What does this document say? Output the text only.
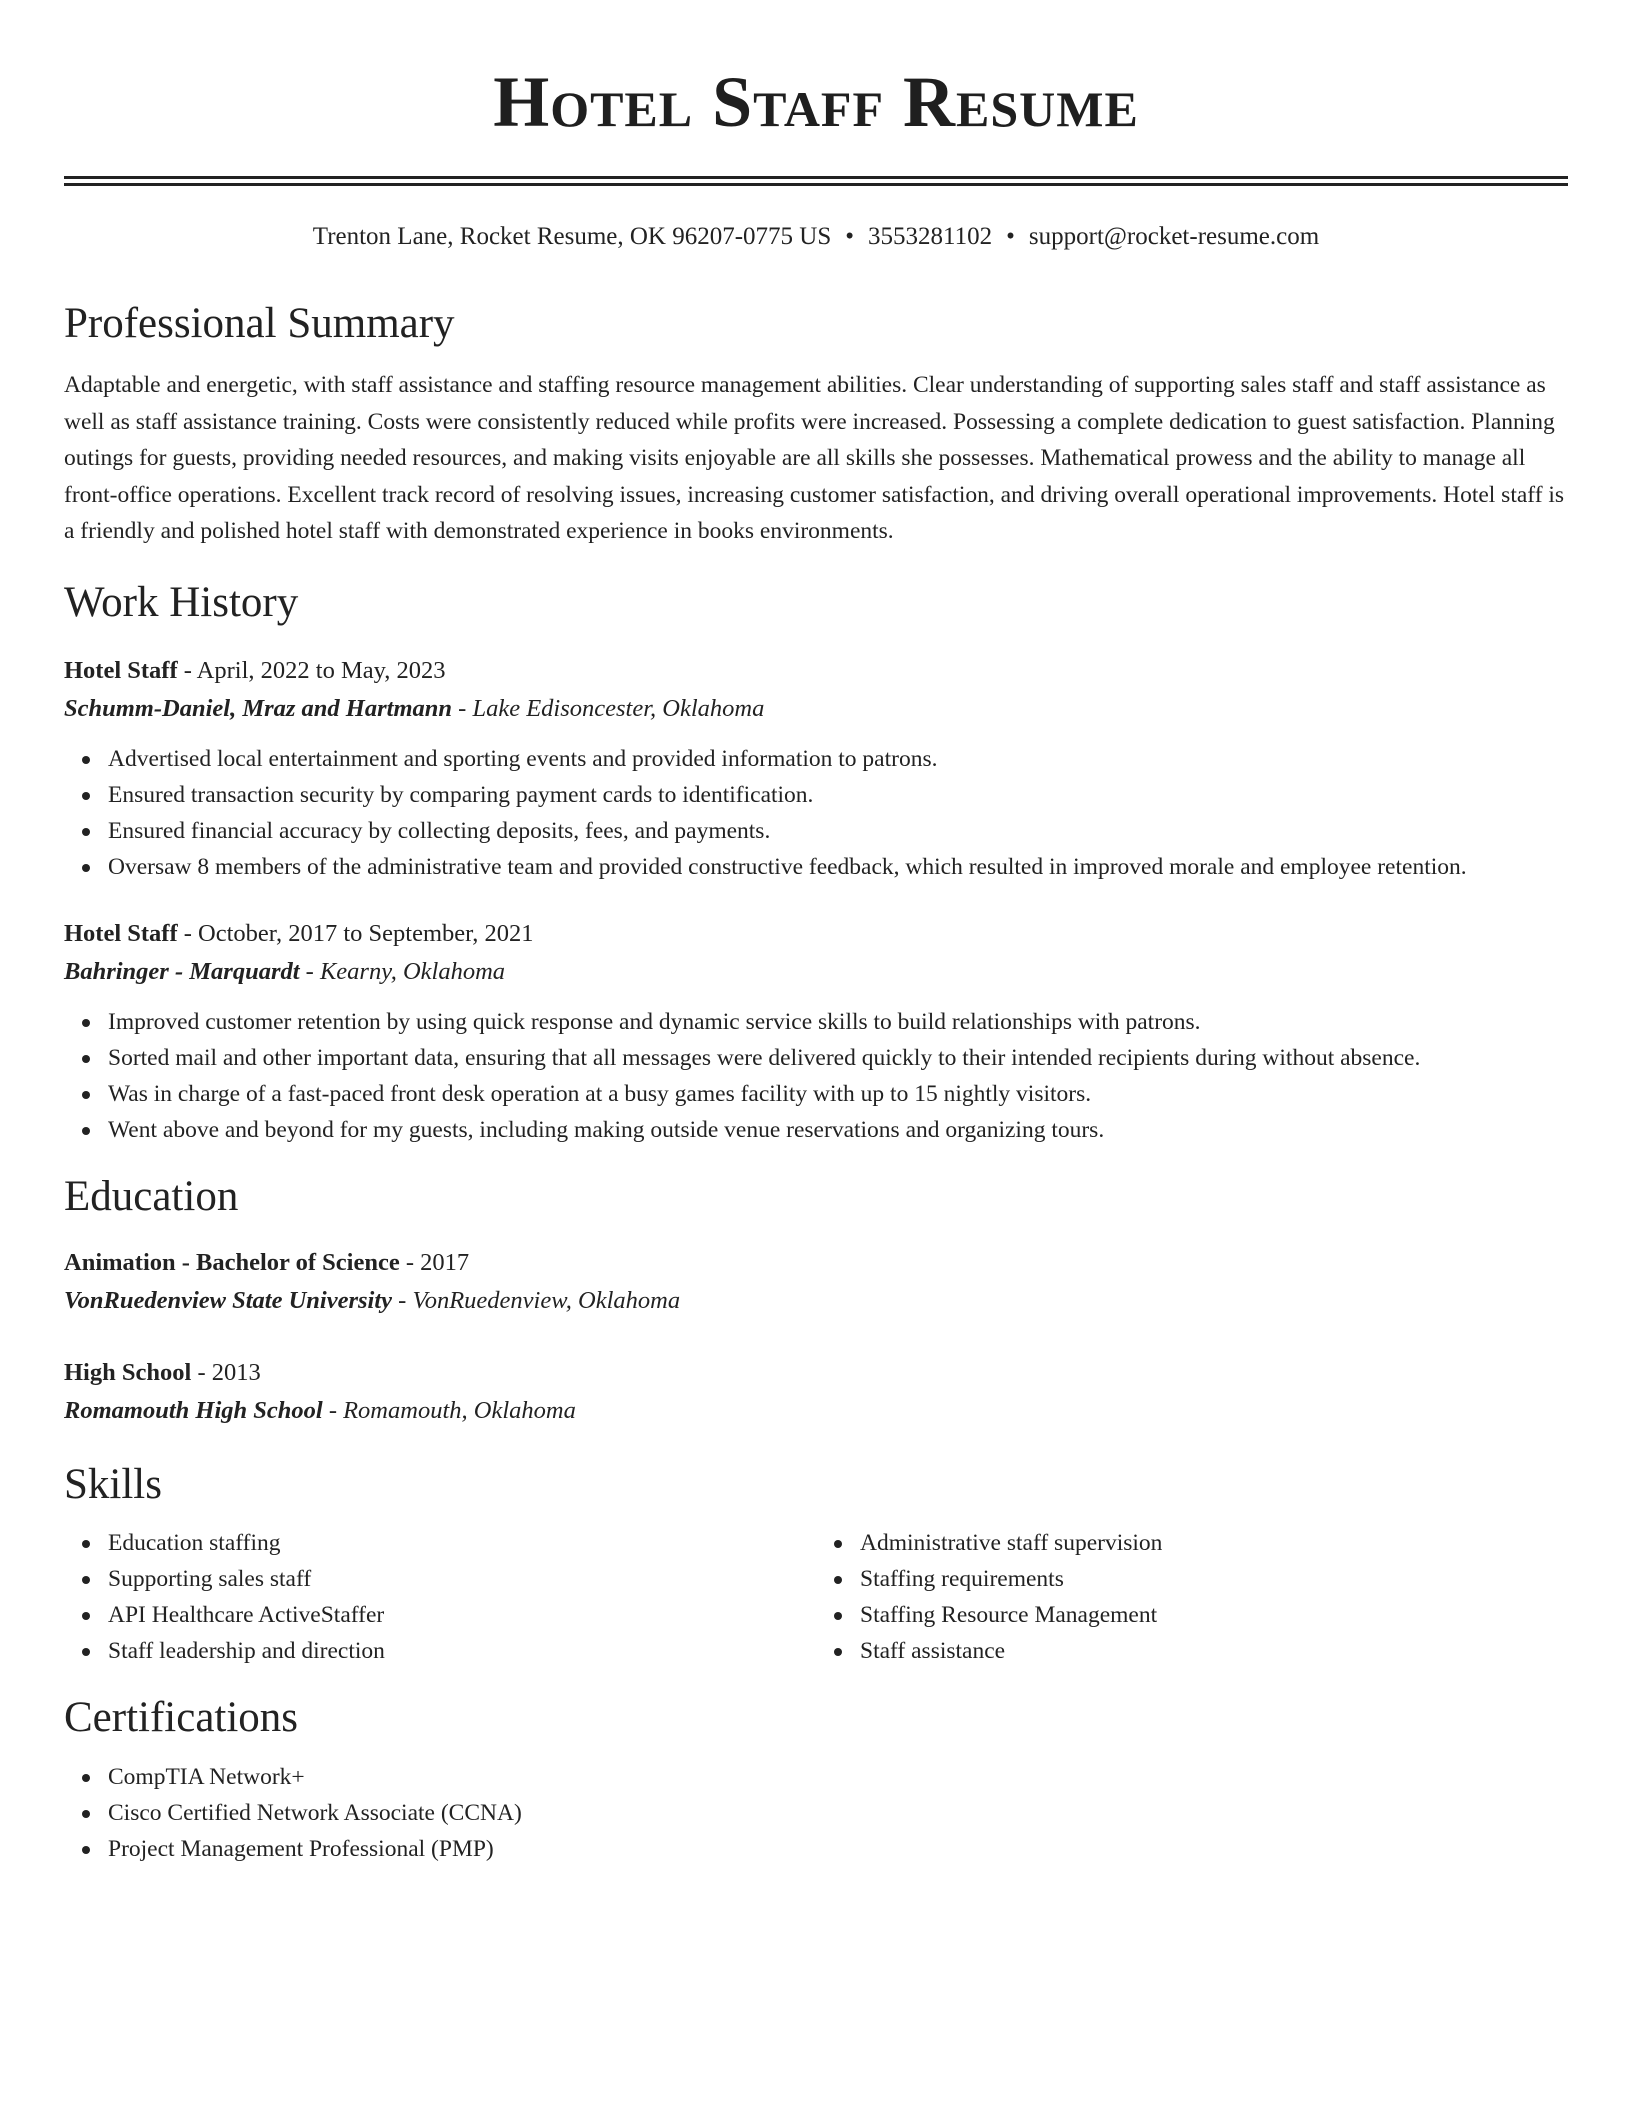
Hotel Staff Resume
Trenton Lane, Rocket Resume, OK 96207-0775 US • 3553281102 • support@rocket-resume.com
Professional Summary
Adaptable and energetic, with staff assistance and staffing resource management abilities. Clear understanding of supporting sales staff and staff assistance as well as staff assistance training. Costs were consistently reduced while profits were increased. Possessing a complete dedication to guest satisfaction. Planning outings for guests, providing needed resources, and making visits enjoyable are all skills she possesses. Mathematical prowess and the ability to manage all front-office operations. Excellent track record of resolving issues, increasing customer satisfaction, and driving overall operational improvements. Hotel staff is a friendly and polished hotel staff with demonstrated experience in books environments.
Work History
Hotel Staff - April, 2022 to May, 2023
Schumm-Daniel, Mraz and Hartmann - Lake Edisoncester, Oklahoma
Advertised local entertainment and sporting events and provided information to patrons.
Ensured transaction security by comparing payment cards to identification.
Ensured financial accuracy by collecting deposits, fees, and payments.
Oversaw 8 members of the administrative team and provided constructive feedback, which resulted in improved morale and employee retention.
Hotel Staff - October, 2017 to September, 2021
Bahringer - Marquardt - Kearny, Oklahoma
Improved customer retention by using quick response and dynamic service skills to build relationships with patrons.
Sorted mail and other important data, ensuring that all messages were delivered quickly to their intended recipients during without absence.
Was in charge of a fast-paced front desk operation at a busy games facility with up to 15 nightly visitors.
Went above and beyond for my guests, including making outside venue reservations and organizing tours.
Education
Animation - Bachelor of Science - 2017
VonRuedenview State University - VonRuedenview, Oklahoma
High School - 2013
Romamouth High School - Romamouth, Oklahoma
Skills
Education staffing
Supporting sales staff
API Healthcare ActiveStaffer
Staff leadership and direction
Administrative staff supervision
Staffing requirements
Staffing Resource Management
Staff assistance
Certifications
CompTIA Network+
Cisco Certified Network Associate (CCNA)
Project Management Professional (PMP)
